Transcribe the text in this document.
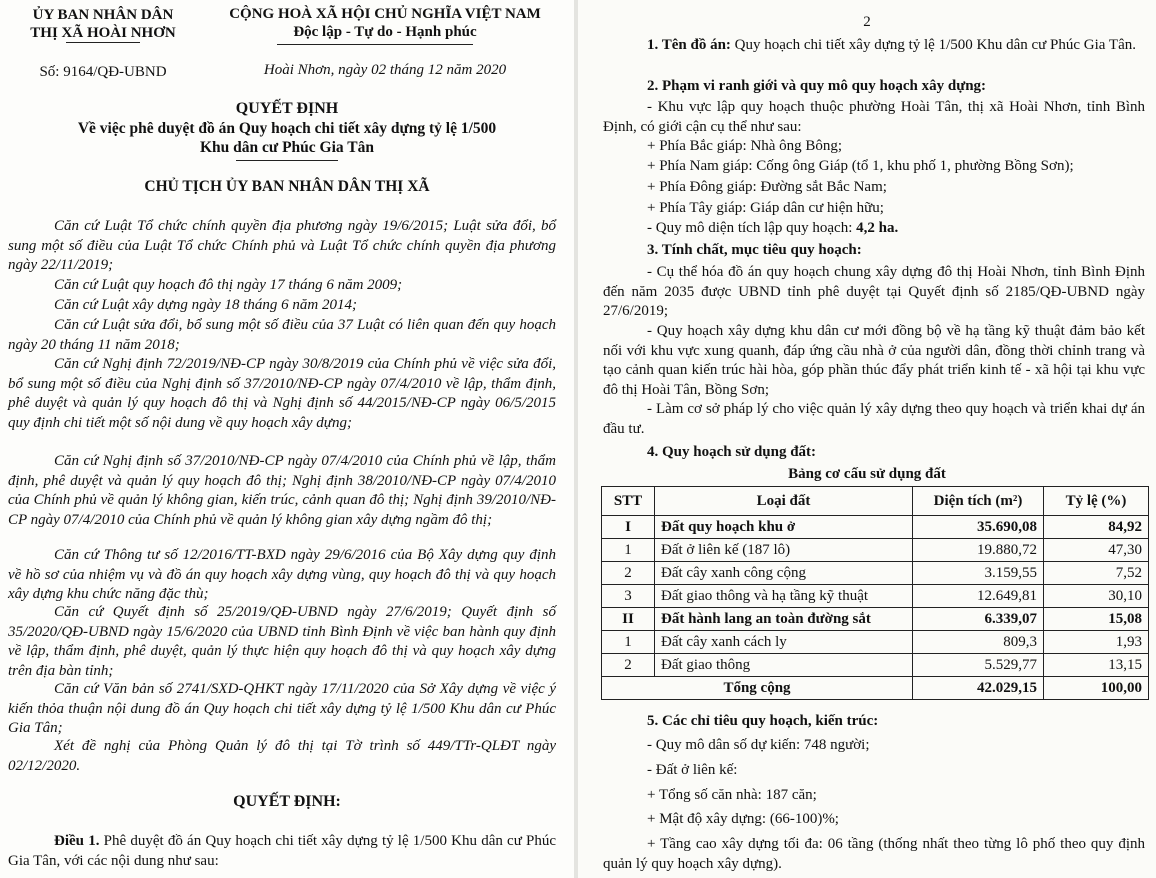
ỦY BAN NHÂN DÂN
THỊ XÃ HOÀI NHƠN
Số: 9164/QĐ-UBND
CỘNG HOÀ XÃ HỘI CHỦ NGHĨA VIỆT NAM
Độc lập - Tự do - Hạnh phúc
Hoài Nhơn, ngày 02 tháng 12 năm 2020
QUYẾT ĐỊNH
Về việc phê duyệt đồ án Quy hoạch chi tiết xây dựng tỷ lệ 1/500
Khu dân cư Phúc Gia Tân
CHỦ TỊCH ỦY BAN NHÂN DÂN THỊ XÃ
Căn cứ Luật Tổ chức chính quyền địa phương ngày 19/6/2015; Luật sửa đổi, bổ sung một số điều của Luật Tổ chức Chính phủ và Luật Tổ chức chính quyền địa phương ngày 22/11/2019;
Căn cứ Luật quy hoạch đô thị ngày 17 tháng 6 năm 2009;
Căn cứ Luật xây dựng ngày 18 tháng 6 năm 2014;
Căn cứ Luật sửa đổi, bổ sung một số điều của 37 Luật có liên quan đến quy hoạch ngày 20 tháng 11 năm 2018;
Căn cứ Nghị định 72/2019/NĐ-CP ngày 30/8/2019 của Chính phủ về việc sửa đổi, bổ sung một số điều của Nghị định số 37/2010/NĐ-CP ngày 07/4/2010 về lập, thẩm định, phê duyệt và quản lý quy hoạch đô thị và Nghị định số 44/2015/NĐ-CP ngày 06/5/2015 quy định chi tiết một số nội dung về quy hoạch xây dựng;
Căn cứ Nghị định số 37/2010/NĐ-CP ngày 07/4/2010 của Chính phủ về lập, thẩm định, phê duyệt và quản lý quy hoạch đô thị; Nghị định 38/2010/NĐ-CP ngày 07/4/2010 của Chính phủ về quản lý không gian, kiến trúc, cảnh quan đô thị; Nghị định 39/2010/NĐ-CP ngày 07/4/2010 của Chính phủ về quản lý không gian xây dựng ngầm đô thị;
Căn cứ Thông tư số 12/2016/TT-BXD ngày 29/6/2016 của Bộ Xây dựng quy định về hồ sơ của nhiệm vụ và đồ án quy hoạch xây dựng vùng, quy hoạch đô thị và quy hoạch xây dựng khu chức năng đặc thù;
Căn cứ Quyết định số 25/2019/QĐ-UBND ngày 27/6/2019; Quyết định số 35/2020/QĐ-UBND ngày 15/6/2020 của UBND tỉnh Bình Định về việc ban hành quy định về lập, thẩm định, phê duyệt, quản lý thực hiện quy hoạch đô thị và quy hoạch xây dựng trên địa bàn tỉnh;
Căn cứ Văn bản số 2741/SXD-QHKT ngày 17/11/2020 của Sở Xây dựng về việc ý kiến thỏa thuận nội dung đồ án Quy hoạch chi tiết xây dựng tỷ lệ 1/500 Khu dân cư Phúc Gia Tân;
Xét đề nghị của Phòng Quản lý đô thị tại Tờ trình số 449/TTr-QLĐT ngày 02/12/2020.
QUYẾT ĐỊNH:
Điều 1. Phê duyệt đồ án Quy hoạch chi tiết xây dựng tỷ lệ 1/500 Khu dân cư Phúc Gia Tân, với các nội dung như sau:
2
1. Tên đồ án: Quy hoạch chi tiết xây dựng tỷ lệ 1/500 Khu dân cư Phúc Gia Tân.
2. Phạm vi ranh giới và quy mô quy hoạch xây dựng:
- Khu vực lập quy hoạch thuộc phường Hoài Tân, thị xã Hoài Nhơn, tỉnh Bình Định, có giới cận cụ thể như sau:
+ Phía Bắc giáp: Nhà ông Bông;
+ Phía Nam giáp: Cống ông Giáp (tổ 1, khu phố 1, phường Bồng Sơn);
+ Phía Đông giáp: Đường sắt Bắc Nam;
+ Phía Tây giáp: Giáp dân cư hiện hữu;
- Quy mô diện tích lập quy hoạch: 4,2 ha.
3. Tính chất, mục tiêu quy hoạch:
- Cụ thể hóa đồ án quy hoạch chung xây dựng đô thị Hoài Nhơn, tỉnh Bình Định đến năm 2035 được UBND tỉnh phê duyệt tại Quyết định số 2185/QĐ-UBND ngày 27/6/2019;
- Quy hoạch xây dựng khu dân cư mới đồng bộ về hạ tầng kỹ thuật đảm bảo kết nối với khu vực xung quanh, đáp ứng cầu nhà ở của người dân, đồng thời chỉnh trang và tạo cảnh quan kiến trúc hài hòa, góp phần thúc đẩy phát triển kinh tế - xã hội tại khu vực đô thị Hoài Tân, Bồng Sơn;
- Làm cơ sở pháp lý cho việc quản lý xây dựng theo quy hoạch và triển khai dự án đầu tư.
4. Quy hoạch sử dụng đất:
Bảng cơ cấu sử dụng đất
STT	Loại đất	Diện tích (m²)	Tỷ lệ (%)
I	Đất quy hoạch khu ở	35.690,08	84,92
1	Đất ở liên kế (187 lô)	19.880,72	47,30
2	Đất cây xanh công cộng	3.159,55	7,52
3	Đất giao thông và hạ tầng kỹ thuật	12.649,81	30,10
II	Đất hành lang an toàn đường sắt	6.339,07	15,08
1	Đất cây xanh cách ly	809,3	1,93
2	Đất giao thông	5.529,77	13,15
Tổng cộng		42.029,15	100,00
5. Các chỉ tiêu quy hoạch, kiến trúc:
- Quy mô dân số dự kiến: 748 người;
- Đất ở liên kế:
+ Tổng số căn nhà: 187 căn;
+ Mật độ xây dựng: (66-100)%;
+ Tầng cao xây dựng tối đa: 06 tầng (thống nhất theo từng lô phố theo quy định quản lý quy hoạch xây dựng).
